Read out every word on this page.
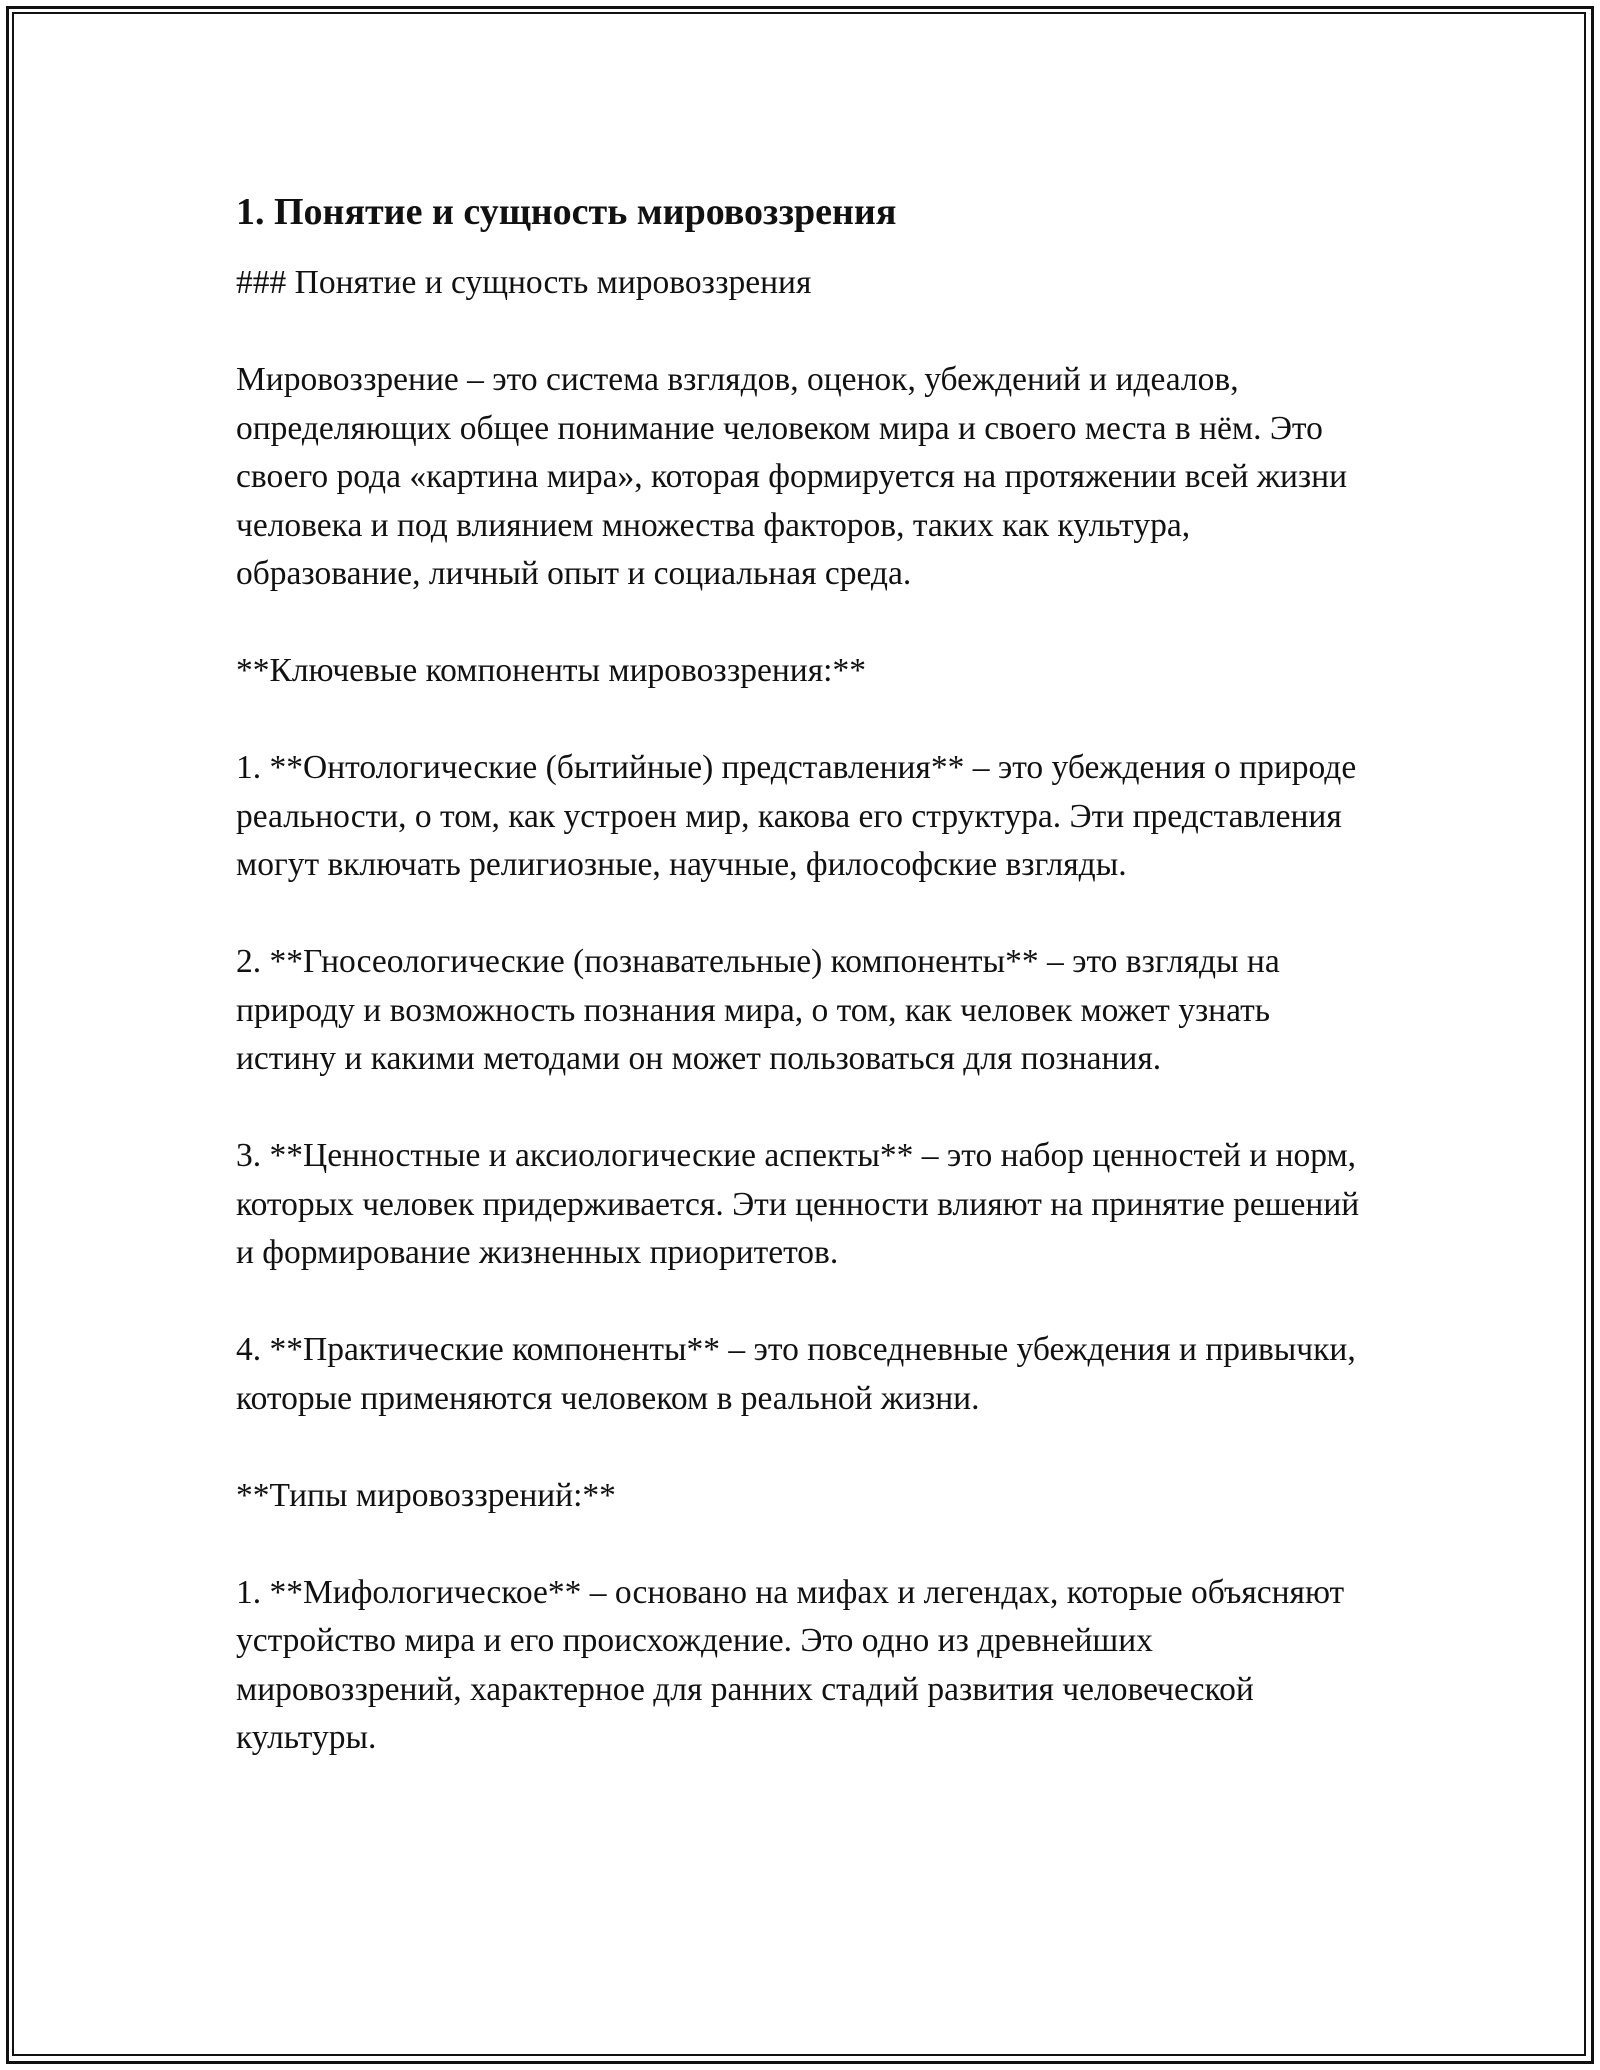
1. Понятие и сущность мировоззрения

### Понятие и сущность мировоззрения

Мировоззрение – это система взглядов, оценок, убеждений и идеалов, определяющих общее понимание человеком мира и своего места в нём. Это своего рода «картина мира», которая формируется на протяжении всей жизни человека и под влиянием множества факторов, таких как культура, образование, личный опыт и социальная среда.

**Ключевые компоненты мировоззрения:**

1. **Онтологические (бытийные) представления** – это убеждения о природе реальности, о том, как устроен мир, какова его структура. Эти представления могут включать религиозные, научные, философские взгляды.

2. **Гносеологические (познавательные) компоненты** – это взгляды на природу и возможность познания мира, о том, как человек может узнать истину и какими методами он может пользоваться для познания.

3. **Ценностные и аксиологические аспекты** – это набор ценностей и норм, которых человек придерживается. Эти ценности влияют на принятие решений и формирование жизненных приоритетов.

4. **Практические компоненты** – это повседневные убеждения и привычки, которые применяются человеком в реальной жизни.

**Типы мировоззрений:**

1. **Мифологическое** – основано на мифах и легендах, которые объясняют устройство мира и его происхождение. Это одно из древнейших мировоззрений, характерное для ранних стадий развития человеческой культуры.
